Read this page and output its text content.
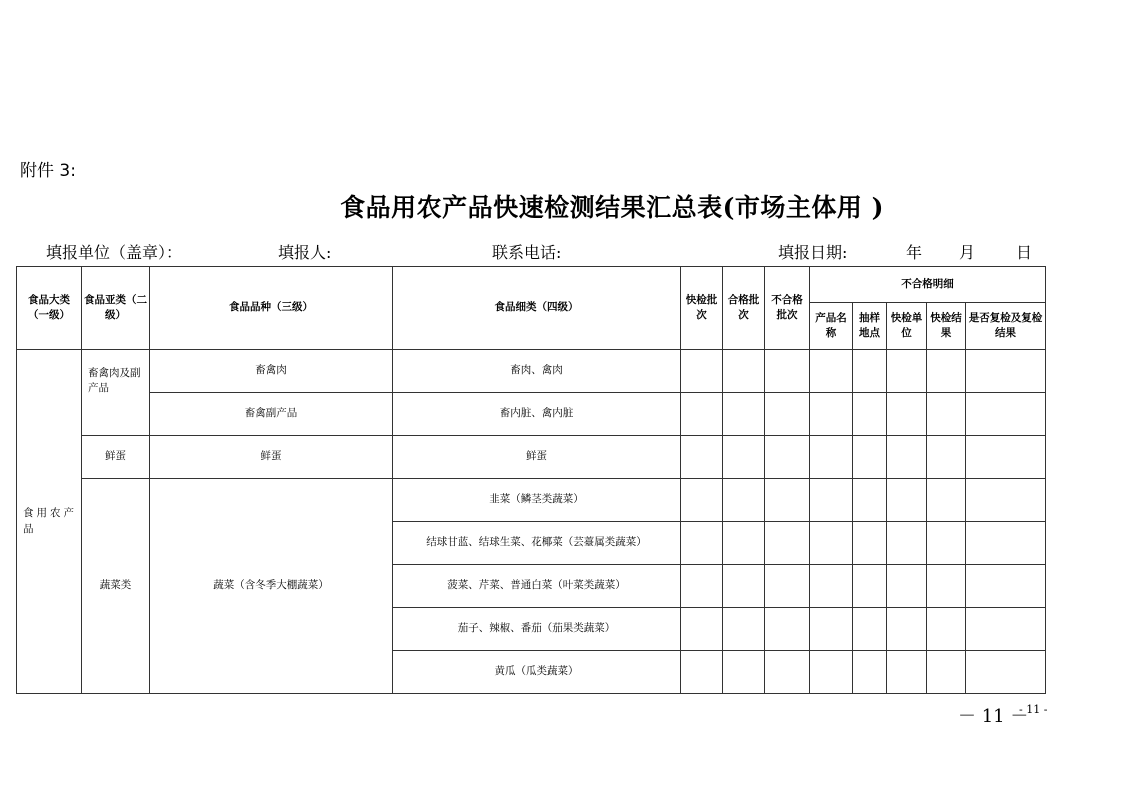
附件 3:
食品用农产品快速检测结果汇总表(市场主体用 )
填报单位（盖章）：	填报人:	联系电话:	填报日期:	年 月	日
食品大类（一级）	食品亚类（二级）	食品品种（三级）	食品细类（四级）	快检批次	合格批次	不合格批次	不合格明细				
							产品名称	抽样地点	快检单位	快检结果	是否复检及复检结果
食用农产品	畜禽肉及副产品	畜禽肉	畜肉、禽肉								
		畜禽副产品	畜内脏、禽内脏								
	鲜蛋	鲜蛋	鲜蛋								
	蔬菜类	蔬菜（含冬季大棚蔬菜）	韭菜（鳞茎类蔬菜）								
			结球甘蓝、结球生菜、花椰菜（芸薹属类蔬菜）								
			菠菜、芹菜、普通白菜（叶菜类蔬菜）								
			茄子、辣椒、番茄（茄果类蔬菜）								
			黄瓜（瓜类蔬菜）								
－ 11 －
- 11 -
